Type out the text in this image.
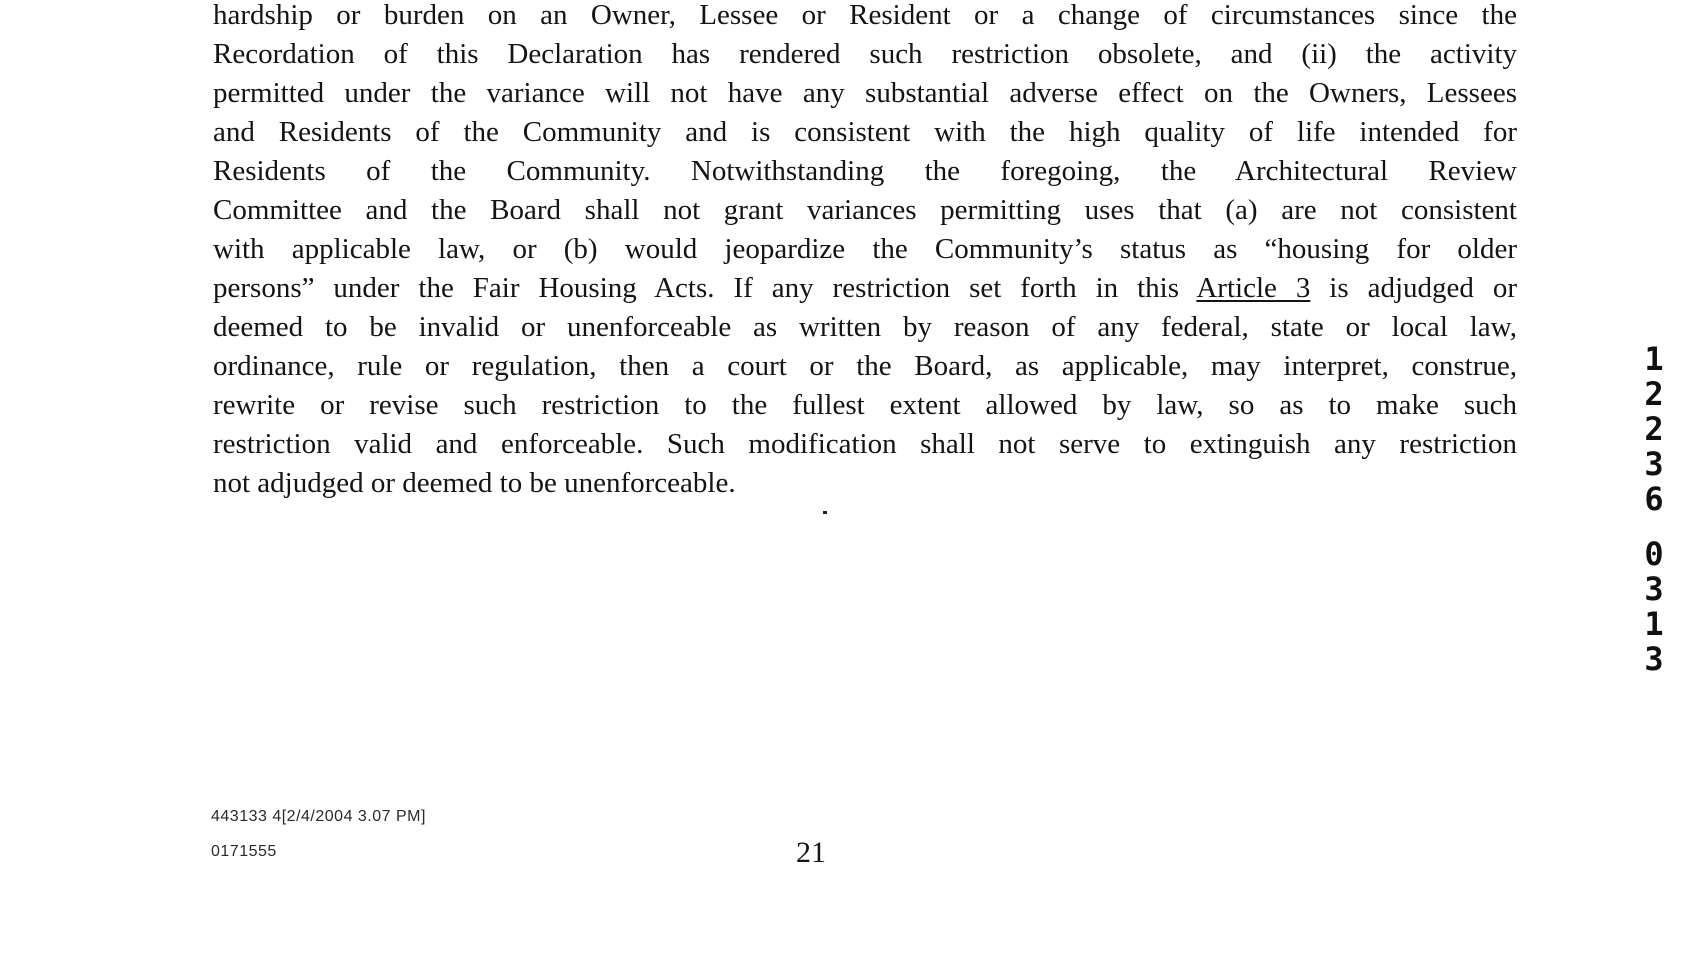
hardship or burden on an Owner, Lessee or Resident or a change of circumstances since the
Recordation of this Declaration has rendered such restriction obsolete, and (ii) the activity
permitted under the variance will not have any substantial adverse effect on the Owners, Lessees
and Residents of the Community and is consistent with the high quality of life intended for
Residents of the Community. Notwithstanding the foregoing, the Architectural Review
Committee and the Board shall not grant variances permitting uses that (a) are not consistent
with applicable law, or (b) would jeopardize the Community’s status as “housing for older
persons” under the Fair Housing Acts. If any restriction set forth in this Article 3 is adjudged or
deemed to be invalid or unenforceable as written by reason of any federal, state or local law,
ordinance, rule or regulation, then a court or the Board, as applicable, may interpret, construe,
rewrite or revise such restriction to the fullest extent allowed by law, so as to make such
restriction valid and enforceable. Such modification shall not serve to extinguish any restriction
not adjudged or deemed to be unenforceable.
1
2
2
3
6
0
3
1
3
443133 4[2/4/2004 3.07 PM]
0171555	21
